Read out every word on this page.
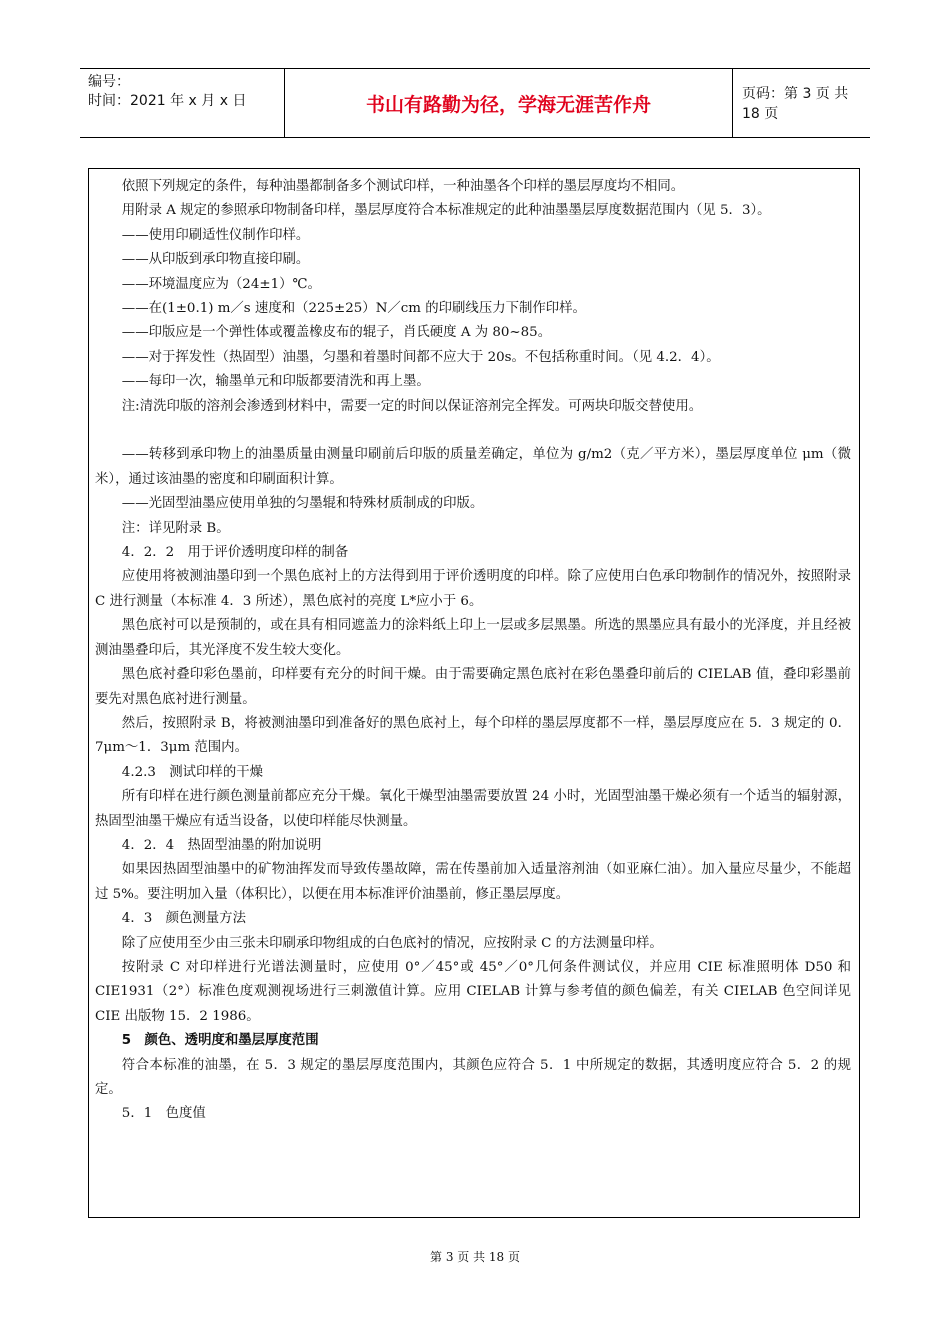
编号：
时间：2021 年 x 月 x 日	书山有路勤为径，学海无涯苦作舟	页码：第 3 页 共 18 页

依照下列规定的条件，每种油墨都制备多个测试印样，一种油墨各个印样的墨层厚度均不相同。

用附录 A 规定的参照承印物制备印样，墨层厚度符合本标准规定的此种油墨墨层厚度数据范围内（见 5．3）。

——使用印刷适性仪制作印样。

——从印版到承印物直接印刷。

——环境温度应为（24±1）℃。

——在(1±0.1) m／s 速度和（225±25）N／cm 的印刷线压力下制作印样。

——印版应是一个弹性体或覆盖橡皮布的辊子，肖氏硬度 A 为 80~85。

——对于挥发性（热固型）油墨，匀墨和着墨时间都不应大于 20s。不包括称重时间。（见 4.2．4）。

——每印一次，输墨单元和印版都要清洗和再上墨。

注:清洗印版的溶剂会渗透到材料中，需要一定的时间以保证溶剂完全挥发。可两块印版交替使用。

——转移到承印物上的油墨质量由测量印刷前后印版的质量差确定，单位为 g/m2（克／平方米），墨层厚度单位 μm（微米），通过该油墨的密度和印刷面积计算。

——光固型油墨应使用单独的匀墨辊和特殊材质制成的印版。

注：详见附录 B。

4．2．2　用于评价透明度印样的制备

应使用将被测油墨印到一个黑色底衬上的方法得到用于评价透明度的印样。除了应使用白色承印物制作的情况外，按照附录 C 进行测量（本标准 4．3 所述），黑色底衬的亮度 L*应小于 6。

黑色底衬可以是预制的，或在具有相同遮盖力的涂料纸上印上一层或多层黑墨。所选的黑墨应具有最小的光泽度，并且经被测油墨叠印后，其光泽度不发生较大变化。

黑色底衬叠印彩色墨前，印样要有充分的时间干燥。由于需要确定黑色底衬在彩色墨叠印前后的 CIELAB 值，叠印彩墨前要先对黑色底衬进行测量。

然后，按照附录 B，将被测油墨印到准备好的黑色底衬上，每个印样的墨层厚度都不一样，墨层厚度应在 5．3 规定的 0．7μm～1．3μm 范围内。

4.2.3　测试印样的干燥

所有印样在进行颜色测量前都应充分干燥。氧化干燥型油墨需要放置 24 小时，光固型油墨干燥必须有一个适当的辐射源，热固型油墨干燥应有适当设备，以使印样能尽快测量。

4．2．4　热固型油墨的附加说明

如果因热固型油墨中的矿物油挥发而导致传墨故障，需在传墨前加入适量溶剂油（如亚麻仁油）。加入量应尽量少，不能超过 5%。要注明加入量（体积比），以便在用本标准评价油墨前，修正墨层厚度。

4．3　颜色测量方法

除了应使用至少由三张未印刷承印物组成的白色底衬的情况，应按附录 C 的方法测量印样。

按附录 C 对印样进行光谱法测量时，应使用 0°／45°或 45°／0°几何条件测试仪，并应用 CIE 标准照明体 D50 和 CIE1931（2°）标准色度观测视场进行三刺激值计算。应用 CIELAB 计算与参考值的颜色偏差，有关 CIELAB 色空间详见 CIE 出版物 15．2 1986。

5　颜色、透明度和墨层厚度范围

符合本标准的油墨，在 5．3 规定的墨层厚度范围内，其颜色应符合 5．1 中所规定的数据，其透明度应符合 5．2 的规定。

5．1　色度值

第 3 页 共 18 页
